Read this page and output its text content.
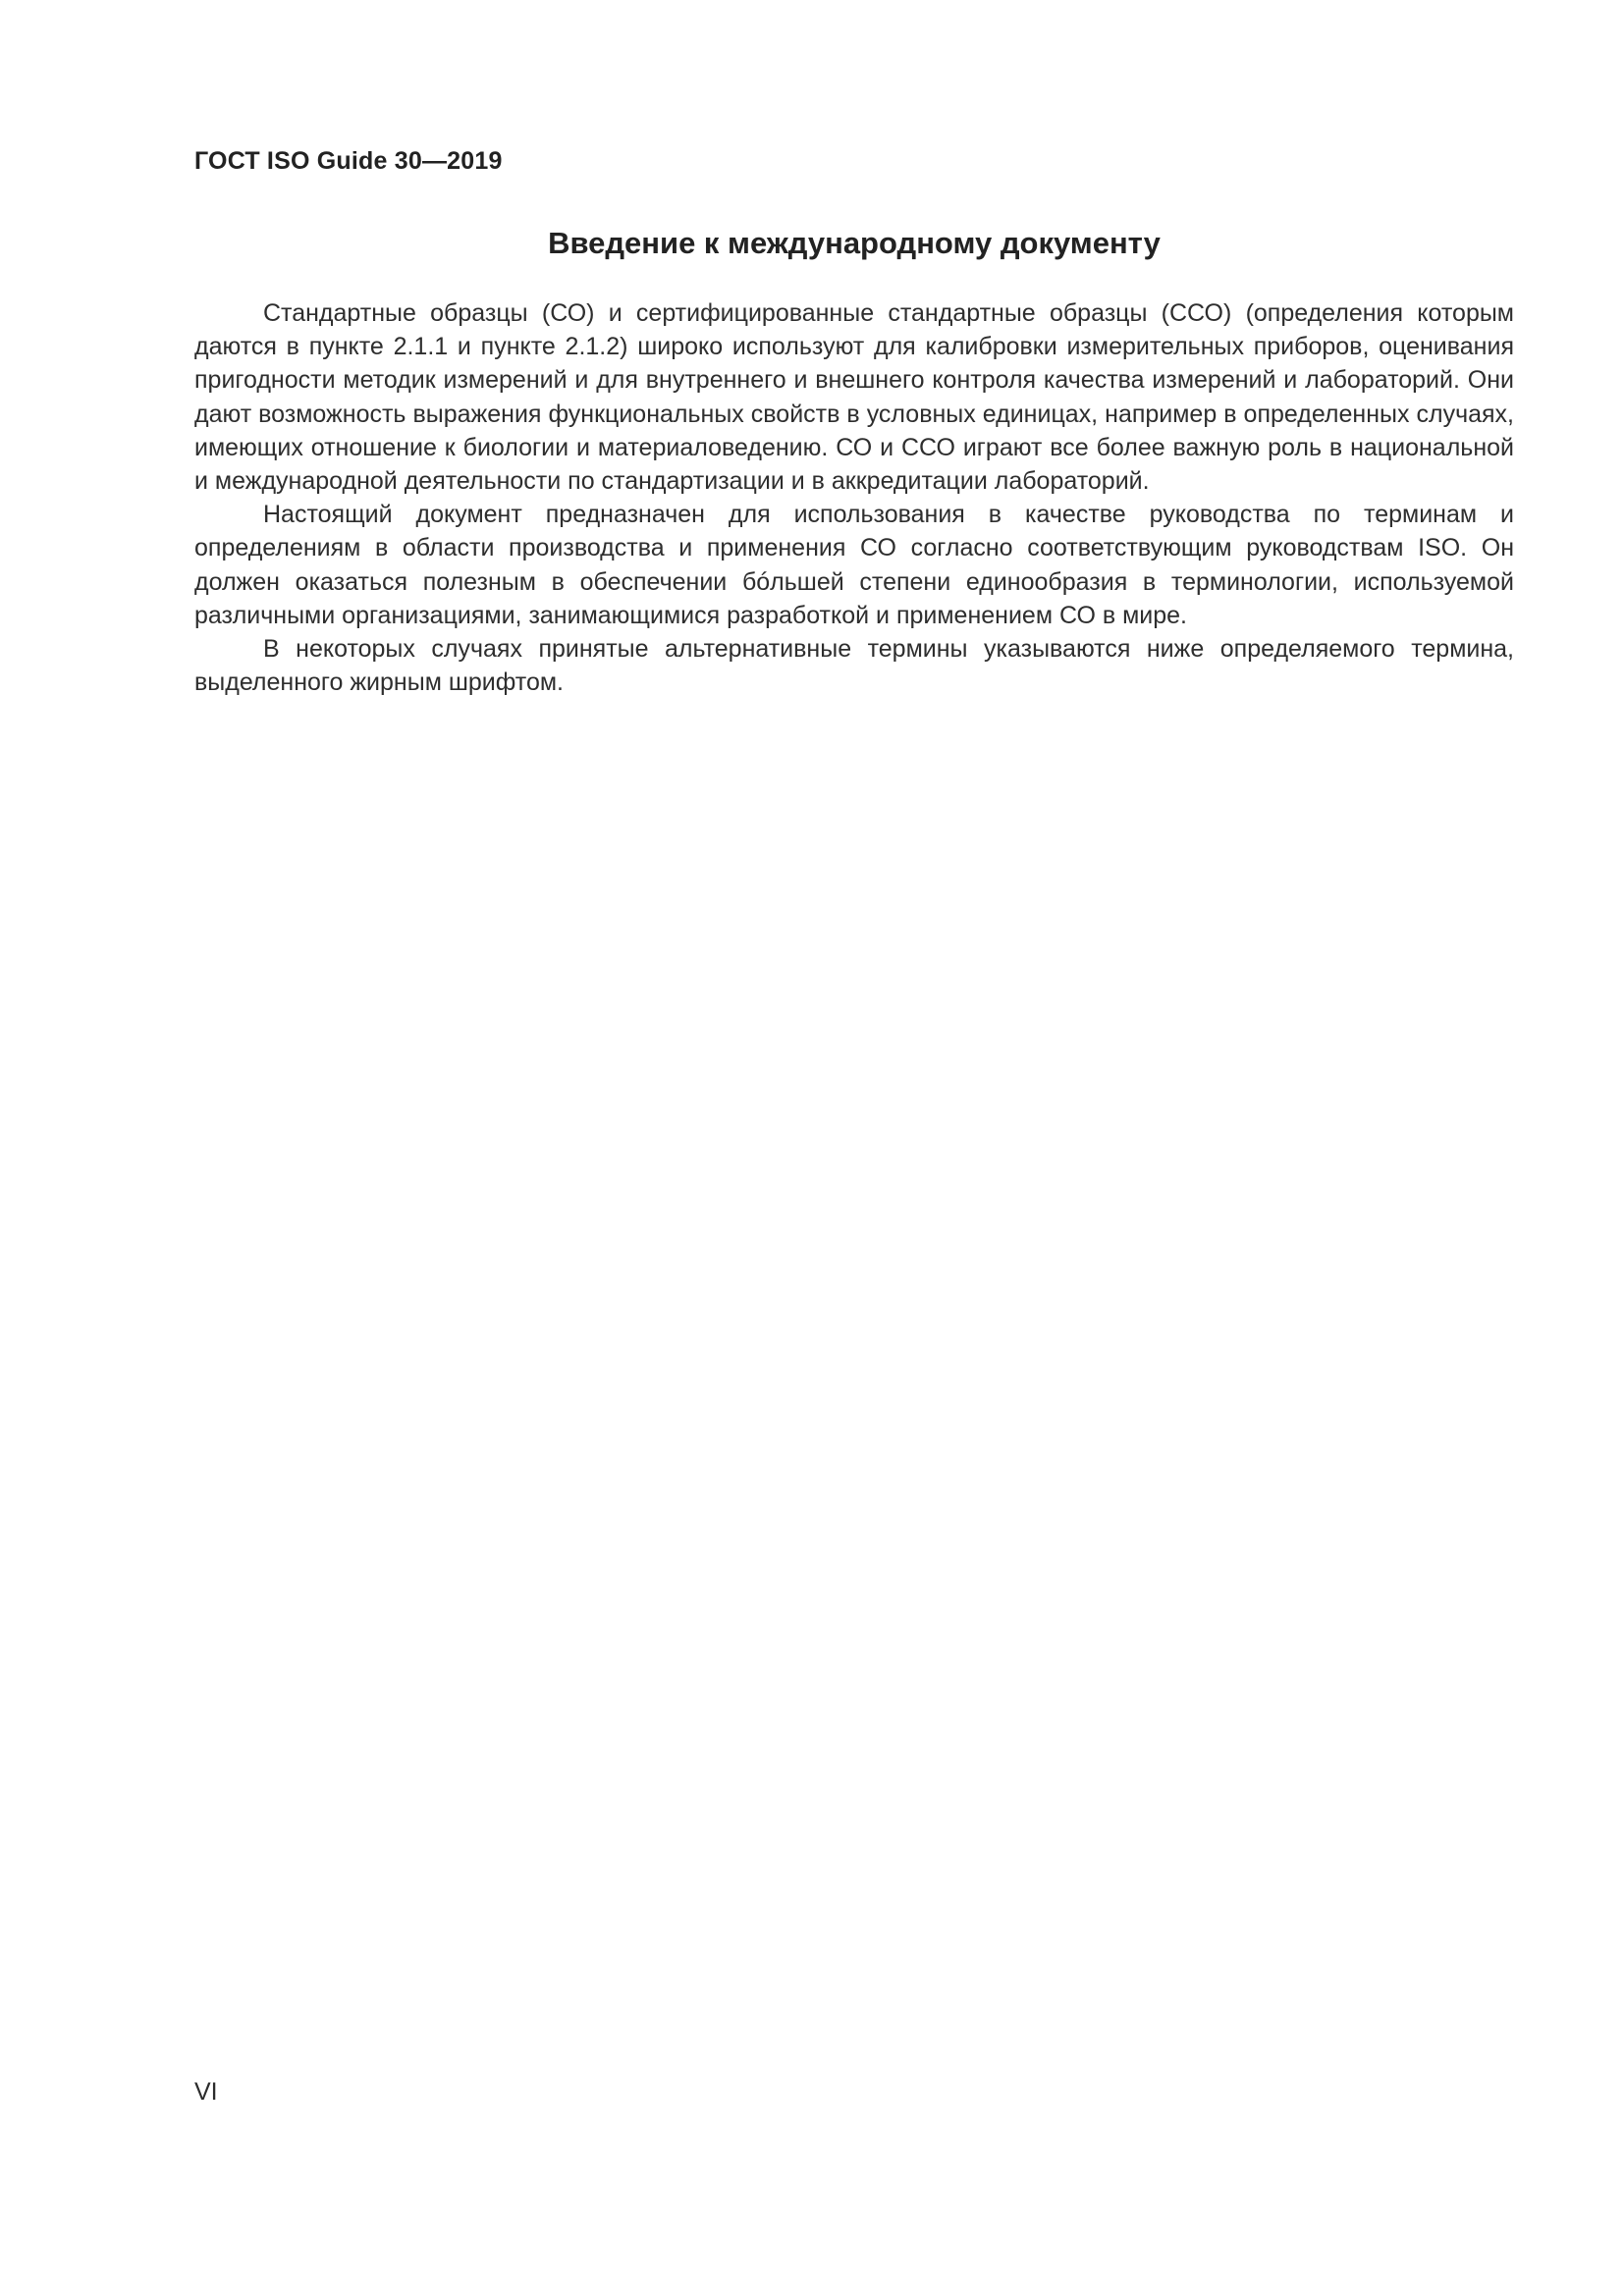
ГОСТ ISO Guide 30—2019
Введение к международному документу

Стандартные образцы (СО) и сертифицированные стандартные образцы (ССО) (определения которым даются в пункте 2.1.1 и пункте 2.1.2) широко используют для калибровки измерительных приборов, оценивания пригодности методик измерений и для внутреннего и внешнего контроля качества измерений и лабораторий. Они дают возможность выражения функциональных свойств в условных единицах, например в определенных случаях, имеющих отношение к биологии и материаловедению. СО и ССО играют все более важную роль в национальной и международной деятельности по стандартизации и в аккредитации лабораторий.

Настоящий документ предназначен для использования в качестве руководства по терминам и определениям в области производства и применения СО согласно соответствующим руководствам ISO. Он должен оказаться полезным в обеспечении бóльшей степени единообразия в терминологии, используемой различными организациями, занимающимися разработкой и применением СО в мире.

В некоторых случаях принятые альтернативные термины указываются ниже определяемого термина, выделенного жирным шрифтом.

VI
